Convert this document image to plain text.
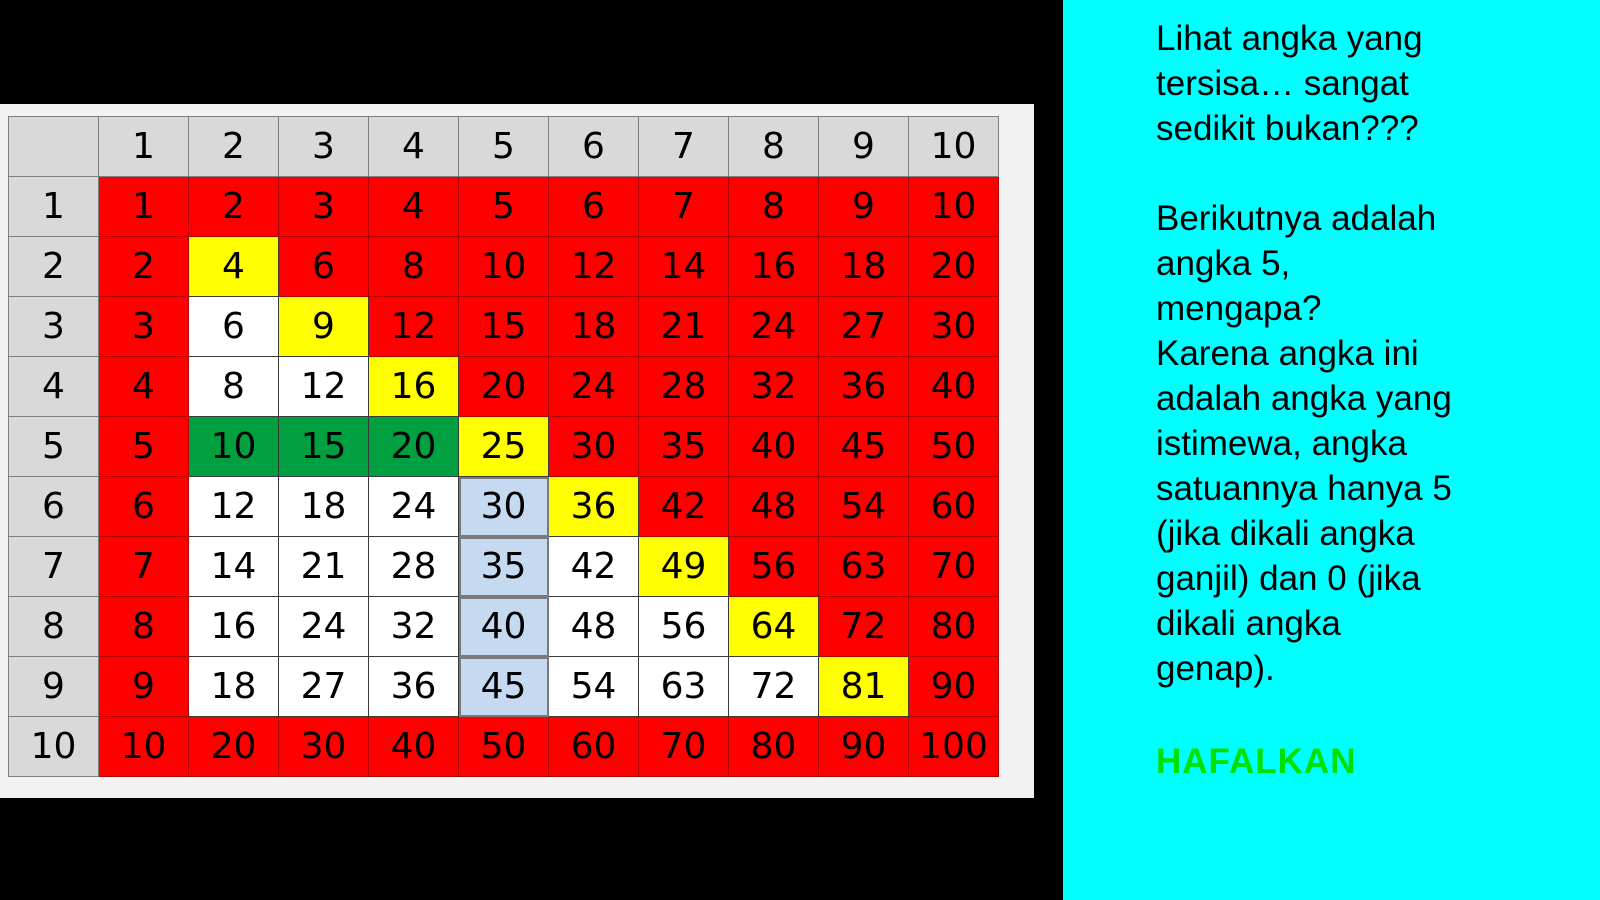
	1	2	3	4	5	6	7	8	9	10
1	1	2	3	4	5	6	7	8	9	10
2	2	4	6	8	10	12	14	16	18	20
3	3	6	9	12	15	18	21	24	27	30
4	4	8	12	16	20	24	28	32	36	40
5	5	10	15	20	25	30	35	40	45	50
6	6	12	18	24	30	36	42	48	54	60
7	7	14	21	28	35	42	49	56	63	70
8	8	16	24	32	40	48	56	64	72	80
9	9	18	27	36	45	54	63	72	81	90
10	10	20	30	40	50	60	70	80	90	100

Lihat angka yang
tersisa… sangat
sedikit bukan???

Berikutnya adalah
angka 5,
mengapa?
Karena angka ini
adalah angka yang
istimewa, angka
satuannya hanya 5
(jika dikali angka
ganjil) dan 0 (jika
dikali angka
genap).

HAFALKAN
